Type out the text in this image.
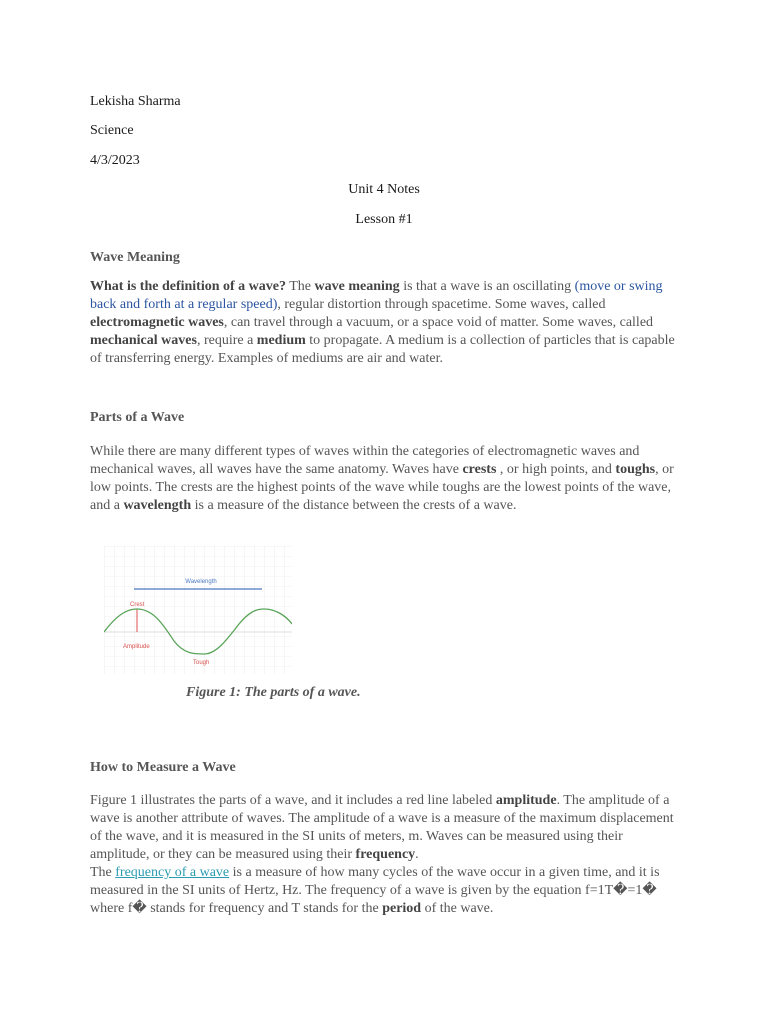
Lekisha Sharma
Science
4/3/2023
Unit 4 Notes
Lesson #1
Wave Meaning
What is the definition of a wave? The wave meaning is that a wave is an oscillating (move or swing back and forth at a regular speed), regular distortion through spacetime. Some waves, called electromagnetic waves, can travel through a vacuum, or a space void of matter. Some waves, called mechanical waves, require a medium to propagate. A medium is a collection of particles that is capable of transferring energy. Examples of mediums are air and water.
Parts of a Wave
While there are many different types of waves within the categories of electromagnetic waves and mechanical waves, all waves have the same anatomy. Waves have crests , or high points, and toughs, or low points. The crests are the highest points of the wave while toughs are the lowest points of the wave, and a wavelength is a measure of the distance between the crests of a wave.
Wavelength
Crest
Amplitude
Tough
Figure 1: The parts of a wave.
How to Measure a Wave
Figure 1 illustrates the parts of a wave, and it includes a red line labeled amplitude. The amplitude of a wave is another attribute of waves. The amplitude of a wave is a measure of the maximum displacement of the wave, and it is measured in the SI units of meters, m. Waves can be measured using their amplitude, or they can be measured using their frequency.
The frequency of a wave is a measure of how many cycles of the wave occur in a given time, and it is measured in the SI units of Hertz, Hz. The frequency of a wave is given by the equation f=1T�=1� where f� stands for frequency and T stands for the period of the wave.
